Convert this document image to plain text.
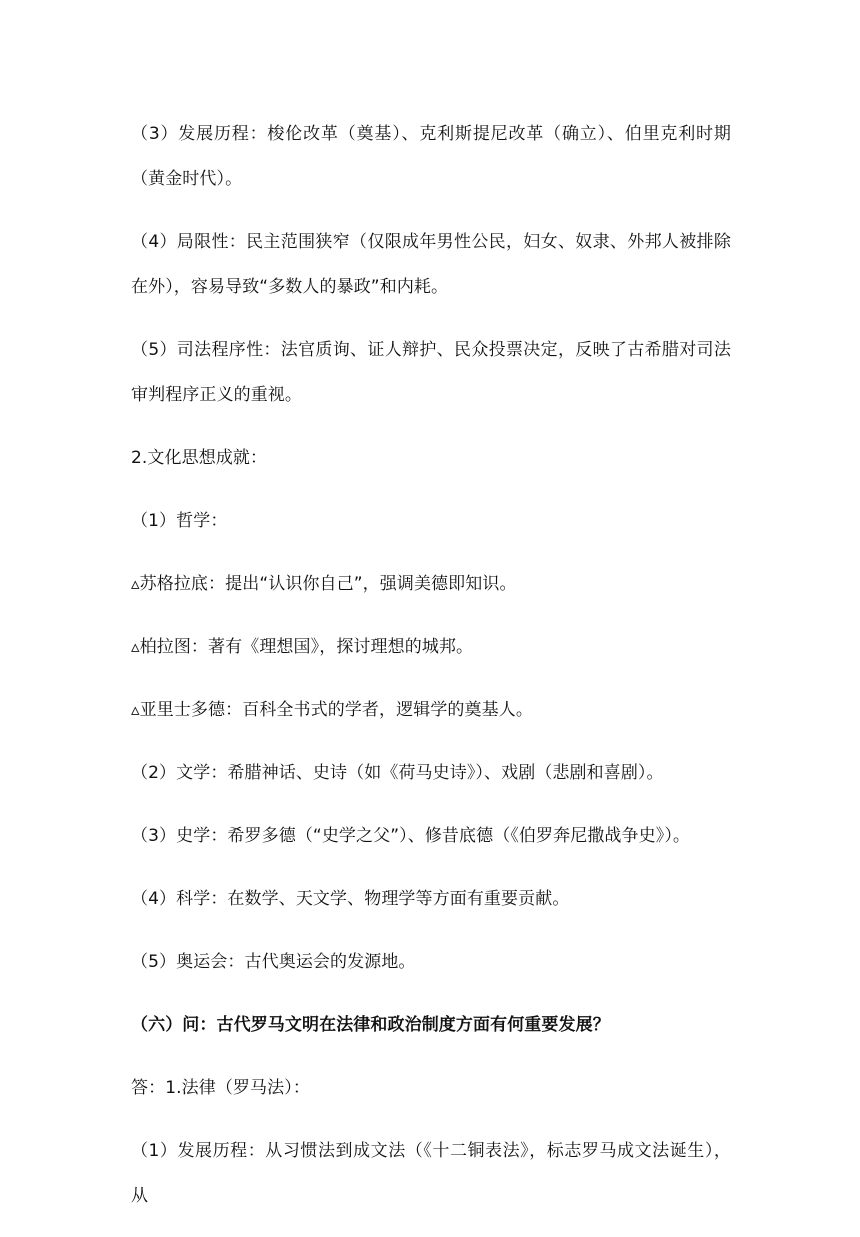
（3）发展历程：梭伦改革（奠基）、克利斯提尼改革（确立）、伯里克利时期（黄金时代）。

（4）局限性：民主范围狭窄（仅限成年男性公民，妇女、奴隶、外邦人被排除在外），容易导致“多数人的暴政”和内耗。

（5）司法程序性：法官质询、证人辩护、民众投票决定，反映了古希腊对司法审判程序正义的重视。

2.文化思想成就：

（1）哲学：

▵苏格拉底：提出“认识你自己”，强调美德即知识。

▵柏拉图：著有《理想国》，探讨理想的城邦。

▵亚里士多德：百科全书式的学者，逻辑学的奠基人。

（2）文学：希腊神话、史诗（如《荷马史诗》）、戏剧（悲剧和喜剧）。

（3）史学：希罗多德（“史学之父”）、修昔底德（《伯罗奔尼撒战争史》）。

（4）科学：在数学、天文学、物理学等方面有重要贡献。

（5）奥运会：古代奥运会的发源地。

（六）问：古代罗马文明在法律和政治制度方面有何重要发展？

答：1.法律（罗马法）：

（1）发展历程：从习惯法到成文法（《十二铜表法》，标志罗马成文法诞生），从
